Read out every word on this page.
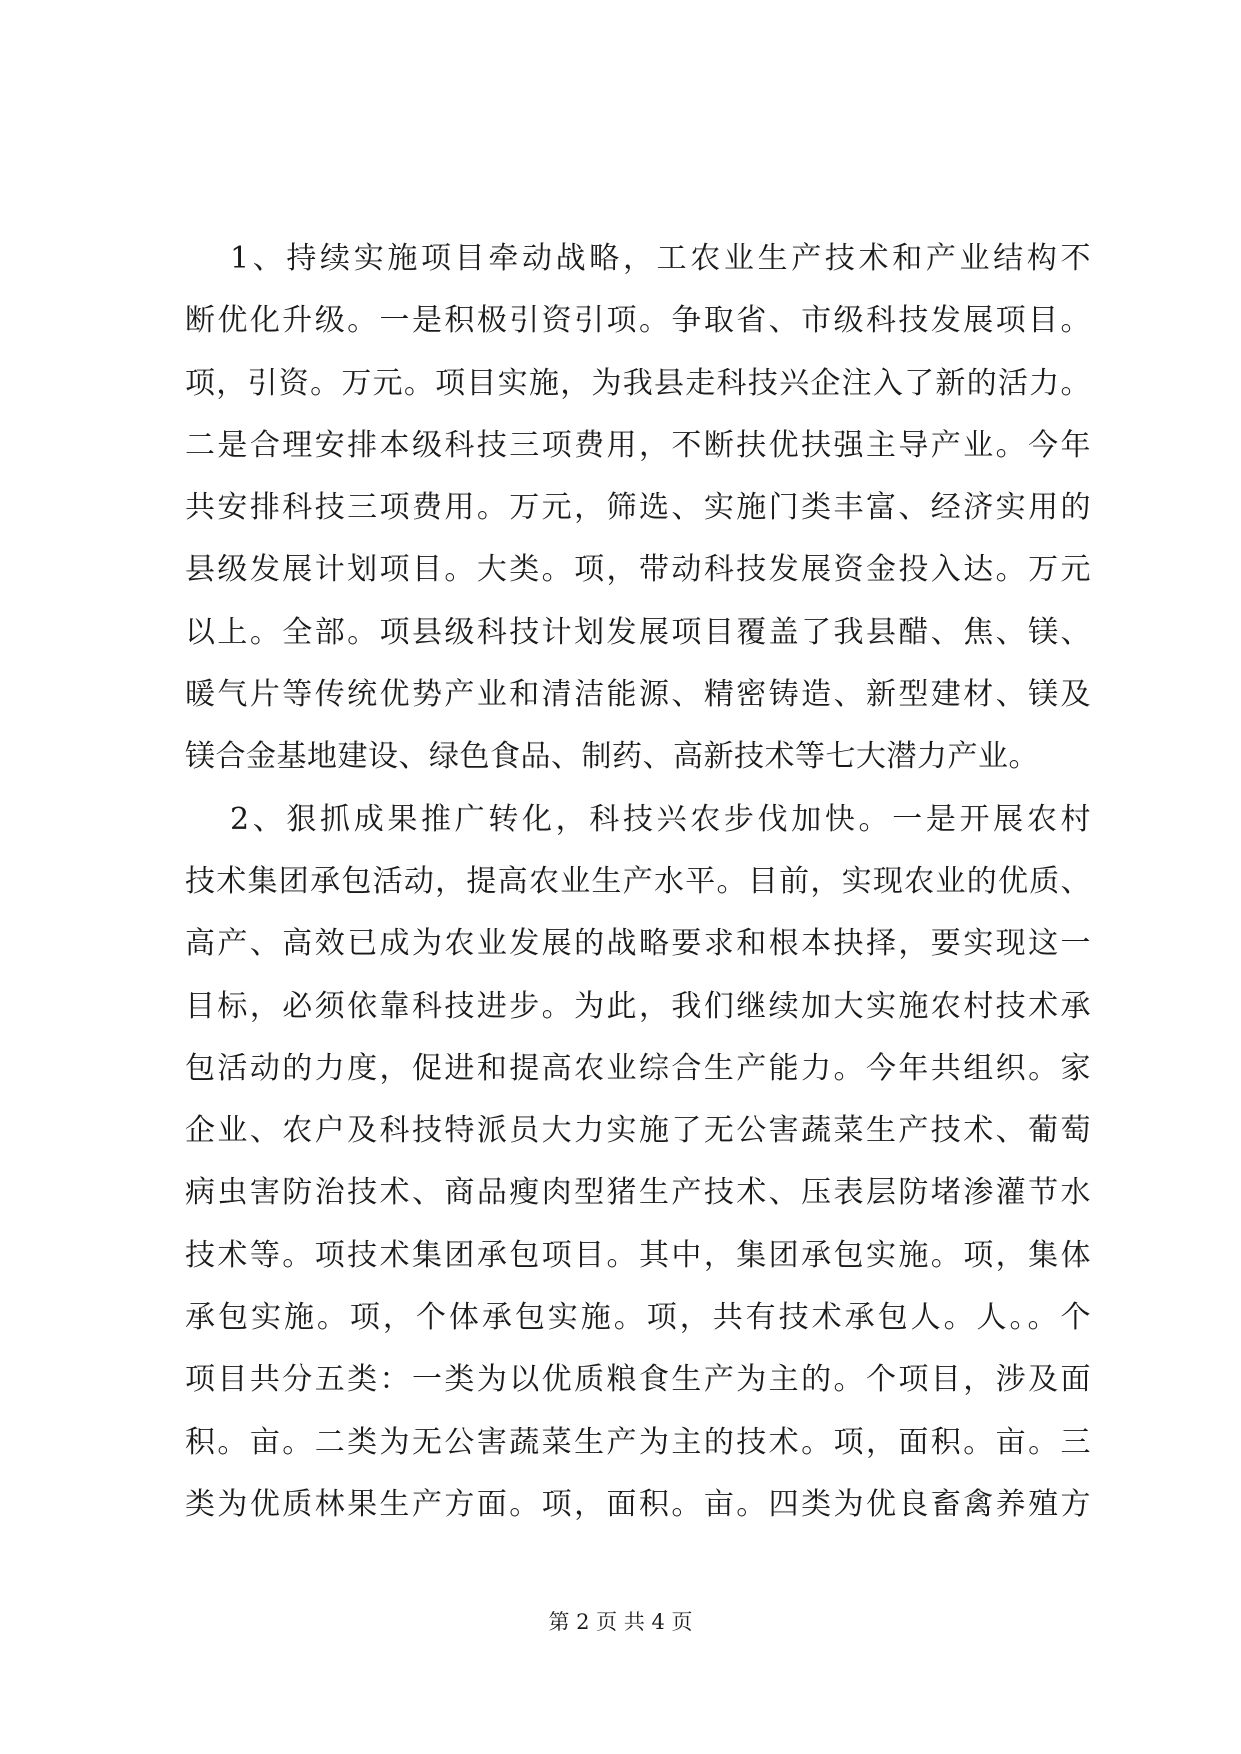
1、持续实施项目牵动战略，工农业生产技术和产业结构不
断优化升级。一是积极引资引项。争取省、市级科技发展项目。
项，引资。万元。项目实施，为我县走科技兴企注入了新的活力。
二是合理安排本级科技三项费用，不断扶优扶强主导产业。今年
共安排科技三项费用。万元，筛选、实施门类丰富、经济实用的
县级发展计划项目。大类。项，带动科技发展资金投入达。万元
以上。全部。项县级科技计划发展项目覆盖了我县醋、焦、镁、
暖气片等传统优势产业和清洁能源、精密铸造、新型建材、镁及
镁合金基地建设、绿色食品、制药、高新技术等七大潜力产业。
2、狠抓成果推广转化，科技兴农步伐加快。一是开展农村
技术集团承包活动，提高农业生产水平。目前，实现农业的优质、
高产、高效已成为农业发展的战略要求和根本抉择，要实现这一
目标，必须依靠科技进步。为此，我们继续加大实施农村技术承
包活动的力度，促进和提高农业综合生产能力。今年共组织。家
企业、农户及科技特派员大力实施了无公害蔬菜生产技术、葡萄
病虫害防治技术、商品瘦肉型猪生产技术、压表层防堵渗灌节水
技术等。项技术集团承包项目。其中，集团承包实施。项，集体
承包实施。项，个体承包实施。项，共有技术承包人。人。。个
项目共分五类：一类为以优质粮食生产为主的。个项目，涉及面
积。亩。二类为无公害蔬菜生产为主的技术。项，面积。亩。三
类为优质林果生产方面。项，面积。亩。四类为优良畜禽养殖方
第 2 页 共 4 页
